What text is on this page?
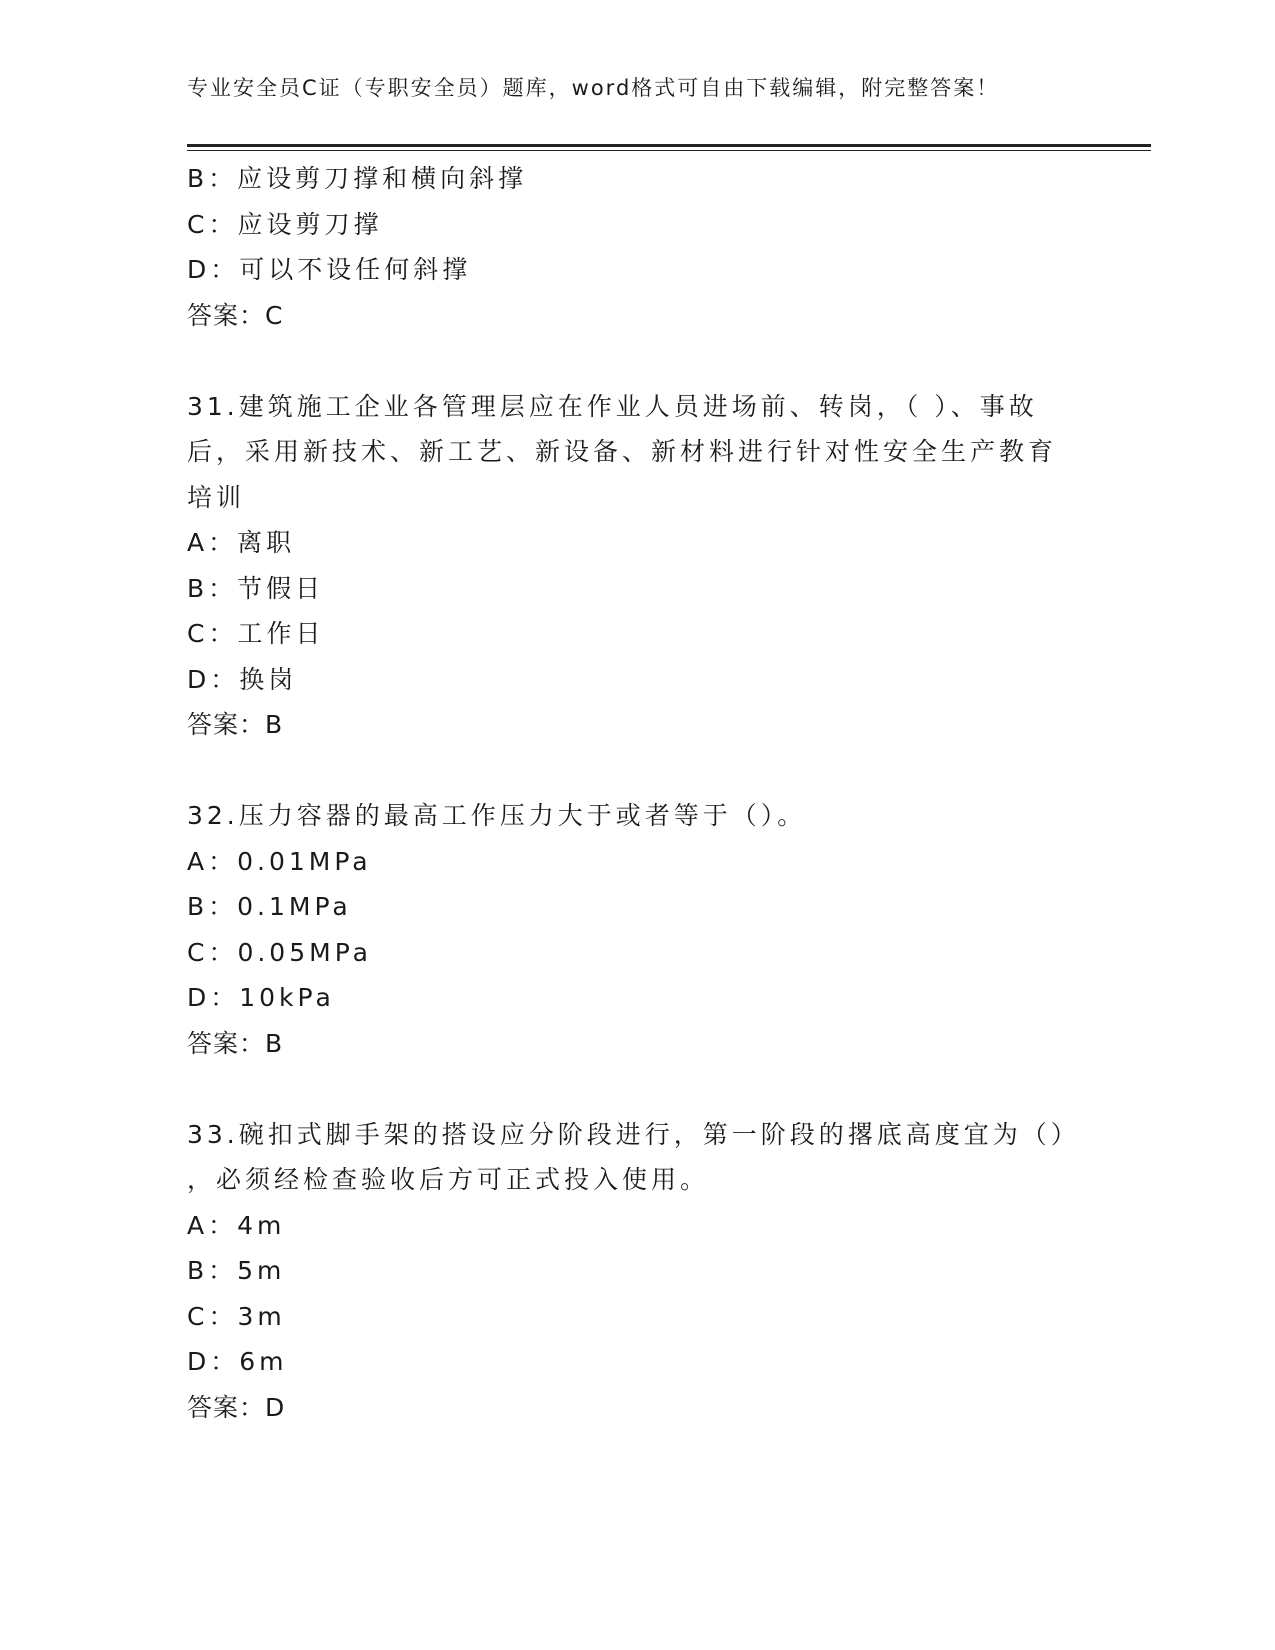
专业安全员C证（专职安全员）题库，word格式可自由下载编辑，附完整答案！

B：应设剪刀撑和横向斜撑

C：应设剪刀撑

D：可以不设任何斜撑

答案：C

31.建筑施工企业各管理层应在作业人员进场前、转岗，（ ）、事故

后，采用新技术、新工艺、新设备、新材料进行针对性安全生产教育

培训

A：离职

B：节假日

C：工作日

D：换岗

答案：B

32.压力容器的最高工作压力大于或者等于（）。

A：0.01MPa

B：0.1MPa

C：0.05MPa

D：10kPa

答案：B

33.碗扣式脚手架的搭设应分阶段进行，第一阶段的撂底高度宜为（）

，必须经检查验收后方可正式投入使用。

A：4m

B：5m

C：3m

D：6m

答案：D
